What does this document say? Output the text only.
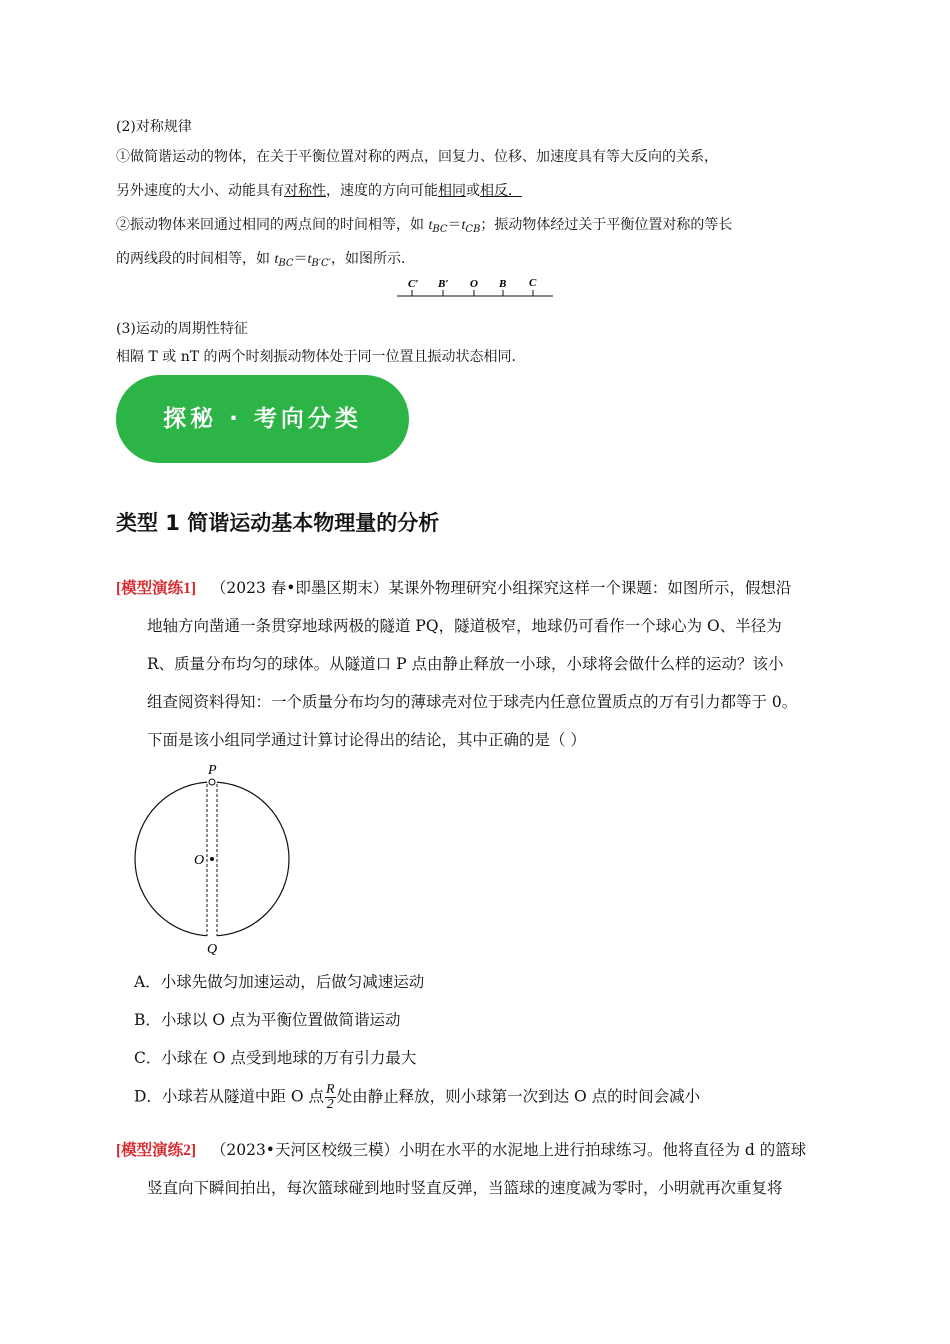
(2)对称规律
①做简谐运动的物体，在关于平衡位置对称的两点，回复力、位移、加速度具有等大反向的关系，
另外速度的大小、动能具有对称性，速度的方向可能相同或相反．
②振动物体来回通过相同的两点间的时间相等，如 $t_{BC}=t_{CB}$；振动物体经过关于平衡位置对称的等长
的两线段的时间相等，如 $t_{BC}=t_{B'C'}$，如图所示．
C′ B′ O B C
(3)运动的周期性特征
相隔 T 或 nT 的两个时刻振动物体处于同一位置且振动状态相同．
探秘 · 考向分类
类型 1 简谐运动基本物理量的分析
[模型演练1] （2023 春•即墨区期末）某课外物理研究小组探究这样一个课题：如图所示，假想沿
地轴方向凿通一条贯穿地球两极的隧道 PQ，隧道极窄，地球仍可看作一个球心为 O、半径为
R、质量分布均匀的球体。从隧道口 P 点由静止释放一小球，小球将会做什么样的运动？该小
组查阅资料得知：一个质量分布均匀的薄球壳对位于球壳内任意位置质点的万有引力都等于 0。
下面是该小组同学通过计算讨论得出的结论，其中正确的是（ ）
P
O
Q
A．小球先做匀加速运动，后做匀减速运动
B．小球以 O 点为平衡位置做简谐运动
C．小球在 O 点受到地球的万有引力最大
D．小球若从隧道中距 O 点 $\frac{R}{2}$ 处由静止释放，则小球第一次到达 O 点的时间会减小
[模型演练2] （2023•天河区校级三模）小明在水平的水泥地上进行拍球练习。他将直径为 d 的篮球
竖直向下瞬间拍出，每次篮球碰到地时竖直反弹，当篮球的速度减为零时，小明就再次重复将
